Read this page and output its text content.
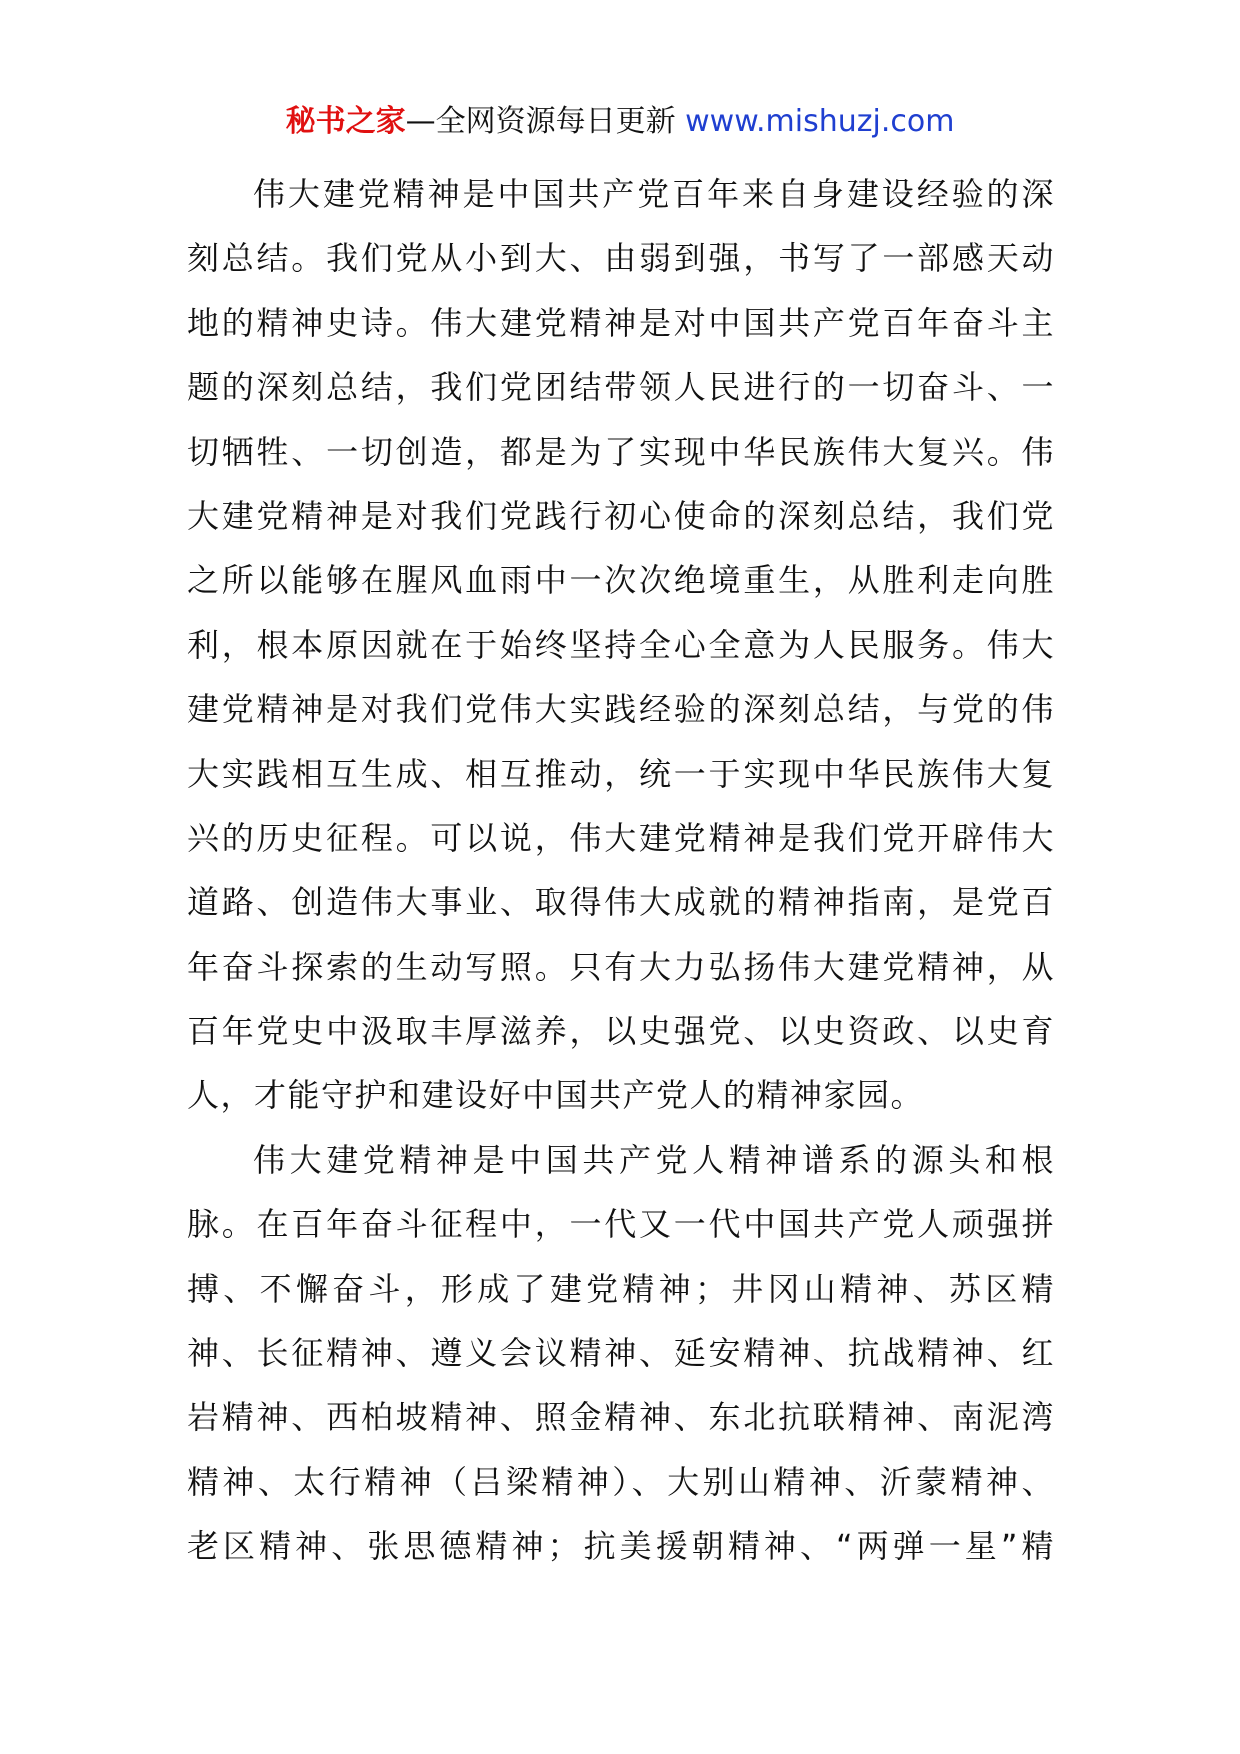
秘书之家—全网资源每日更新 www.mishuzj.com

伟大建党精神是中国共产党百年来自身建设经验的深
刻总结。我们党从小到大、由弱到强，书写了一部感天动
地的精神史诗。伟大建党精神是对中国共产党百年奋斗主
题的深刻总结，我们党团结带领人民进行的一切奋斗、一
切牺牲、一切创造，都是为了实现中华民族伟大复兴。伟
大建党精神是对我们党践行初心使命的深刻总结，我们党
之所以能够在腥风血雨中一次次绝境重生，从胜利走向胜
利，根本原因就在于始终坚持全心全意为人民服务。伟大
建党精神是对我们党伟大实践经验的深刻总结，与党的伟
大实践相互生成、相互推动，统一于实现中华民族伟大复
兴的历史征程。可以说，伟大建党精神是我们党开辟伟大
道路、创造伟大事业、取得伟大成就的精神指南，是党百
年奋斗探索的生动写照。只有大力弘扬伟大建党精神，从
百年党史中汲取丰厚滋养，以史强党、以史资政、以史育
人，才能守护和建设好中国共产党人的精神家园。

伟大建党精神是中国共产党人精神谱系的源头和根
脉。在百年奋斗征程中，一代又一代中国共产党人顽强拼
搏、不懈奋斗，形成了建党精神；井冈山精神、苏区精
神、长征精神、遵义会议精神、延安精神、抗战精神、红
岩精神、西柏坡精神、照金精神、东北抗联精神、南泥湾
精神、太行精神（吕梁精神）、大别山精神、沂蒙精神、
老区精神、张思德精神；抗美援朝精神、“两弹一星”精
